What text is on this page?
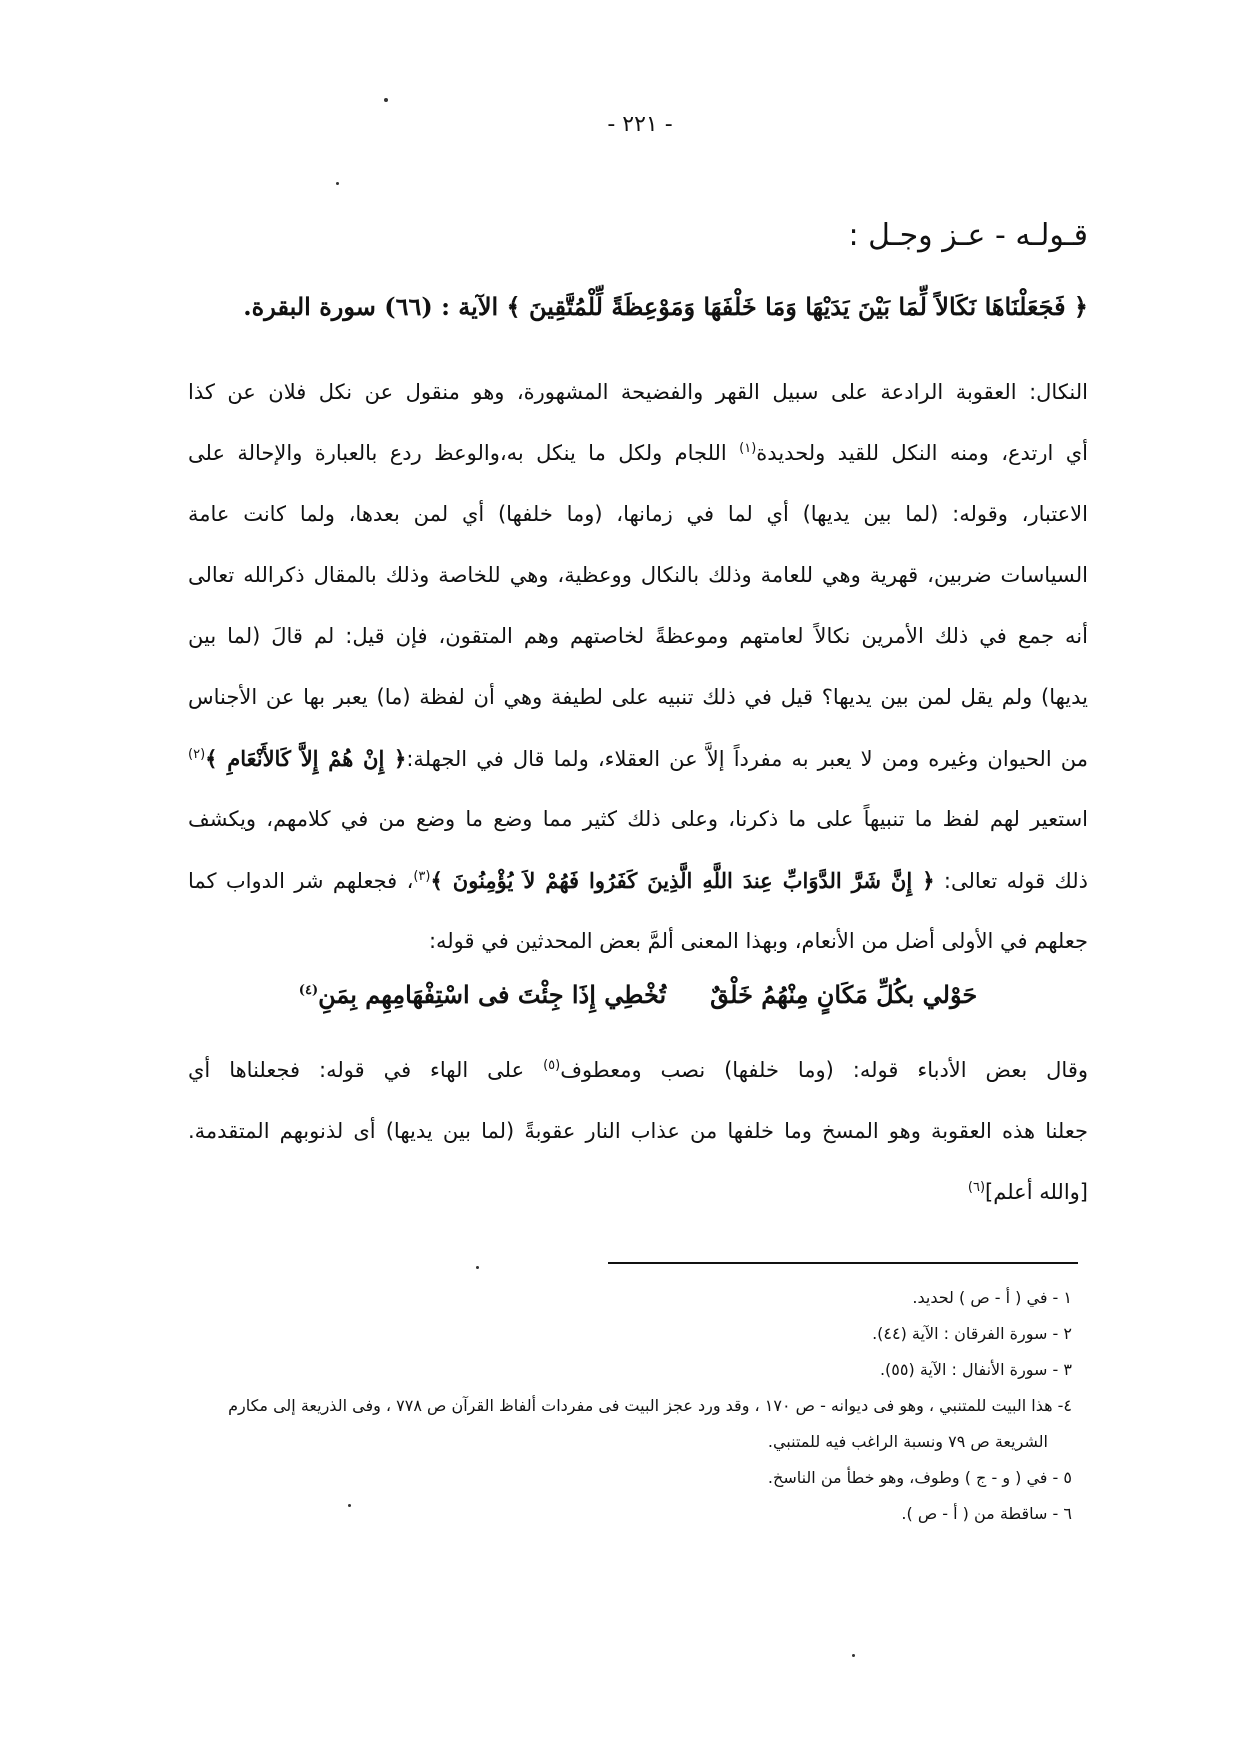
- ٢٢١ -
قـولـه - عـز وجـل :
﴿ فَجَعَلْنَاهَا نَكَالاً لِّمَا بَيْنَ يَدَيْهَا وَمَا خَلْفَهَا وَمَوْعِظَةً لِّلْمُتَّقِينَ ﴾ الآية : (٦٦) سورة البقرة.
النكال: العقوبة الرادعة على سبيل القهر والفضيحة المشهورة، وهو منقول عن نكل فلان عن كذا
أي ارتدع، ومنه النكل للقيد ولحديدة$^{(١)}$ اللجام ولكل ما ينكل به،والوعظ ردع بالعبارة والإحالة على
الاعتبار، وقوله: (لما بين يديها) أي لما في زمانها، (وما خلفها) أي لمن بعدها، ولما كانت عامة
السياسات ضربين، قهرية وهي للعامة وذلك بالنكال ووعظية، وهي للخاصة وذلك بالمقال ذكرالله تعالى
أنه جمع في ذلك الأمرين نكالاً لعامتهم وموعظةً لخاصتهم وهم المتقون، فإن قيل: لم قالَ (لما بين
يديها) ولم يقل لمن بين يديها؟ قيل في ذلك تنبيه على لطيفة وهي أن لفظة (ما) يعبر بها عن الأجناس
من الحيوان وغيره ومن لا يعبر به مفرداً إلاَّ عن العقلاء، ولما قال في الجهلة:﴿ إِنْ هُمْ إِلاَّ كَالأَنْعَامِ ﴾$^{(٢)}$
استعير لهم لفظ ما تنبيهاً على ما ذكرنا، وعلى ذلك كثير مما وضع ما وضع من في كلامهم، ويكشف
ذلك قوله تعالى: ﴿ إِنَّ شَرَّ الدَّوَابِّ عِندَ اللَّهِ الَّذِينَ كَفَرُوا فَهُمْ لاَ يُؤْمِنُونَ ﴾$^{(٣)}$، فجعلهم شر الدواب كما
جعلهم في الأولى أضل من الأنعام، وبهذا المعنى ألمَّ بعض المحدثين في قوله:
حَوْلي بكُلِّ مَكَانٍ مِنْهُمُ خَلْقٌتُخْطِي إِذَا جِئْتَ فى اسْتِفْهَامِهِم بِمَنِ$^{(٤)}$
وقال بعض الأدباء قوله: (وما خلفها) نصب ومعطوف$^{(٥)}$ على الهاء في قوله: فجعلناها أي
جعلنا هذه العقوبة وهو المسخ وما خلفها من عذاب النار عقوبةً (لما بين يديها) أى لذنوبهم المتقدمة.
[والله أعلم]$^{(٦)}$
١ - في ( أ - ص ) لحديد.
٢ - سورة الفرقان : الآية (٤٤).
٣ - سورة الأنفال : الآية (٥٥).
٤- هذا البيت للمتنبي ، وهو فى ديوانه - ص ١٧٠ ، وقد ورد عجز البيت فى مفردات ألفاظ القرآن ص ٧٧٨ ، وفى الذريعة إلى مكارم
الشريعة ص ٧٩ ونسبة الراغب فيه للمتنبي.
٥ - في ( و - ج ) وطوف، وهو خطأ من الناسخ.
٦ - ساقطة من ( أ - ص ).
